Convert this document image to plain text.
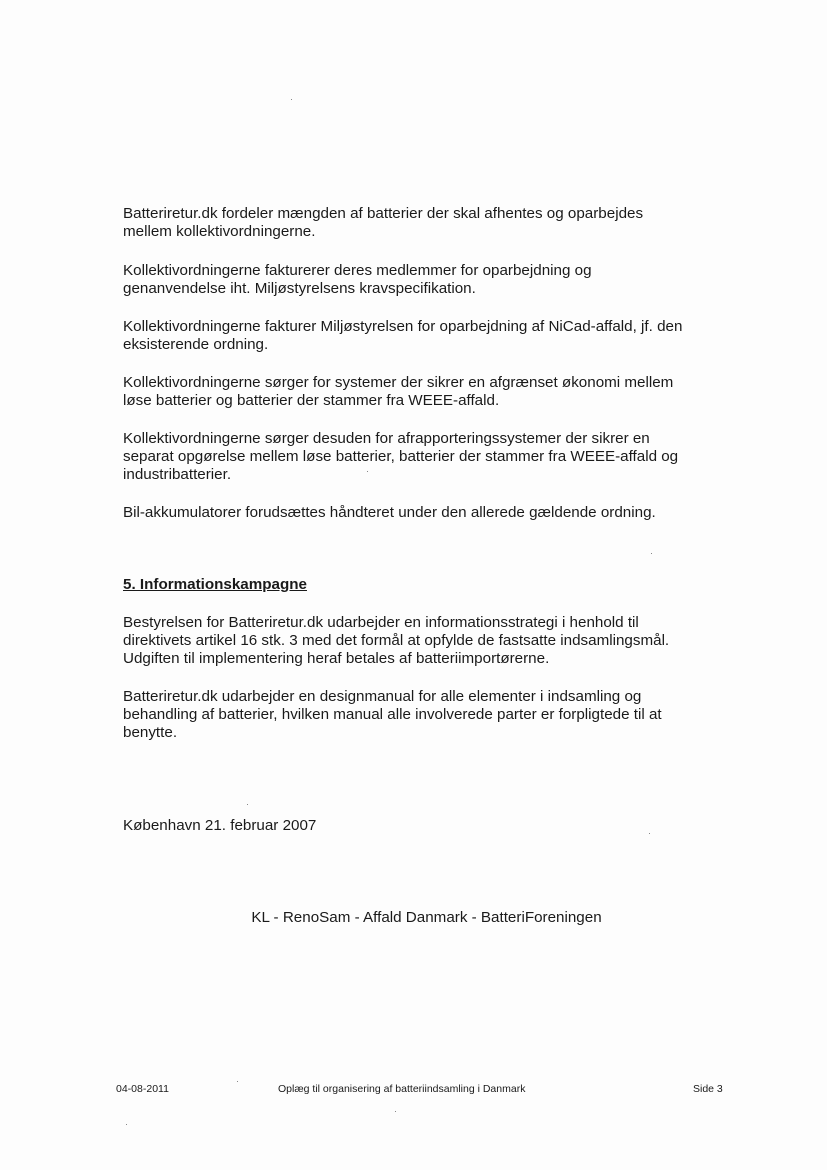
Batteriretur.dk fordeler mængden af batterier der skal afhentes og oparbejdes
mellem kollektivordningerne.

Kollektivordningerne fakturerer deres medlemmer for oparbejdning og
genanvendelse iht. Miljøstyrelsens kravspecifikation.

Kollektivordningerne fakturer Miljøstyrelsen for oparbejdning af NiCad-affald, jf. den
eksisterende ordning.

Kollektivordningerne sørger for systemer der sikrer en afgrænset økonomi mellem
løse batterier og batterier der stammer fra WEEE-affald.

Kollektivordningerne sørger desuden for afrapporteringssystemer der sikrer en
separat opgørelse mellem løse batterier, batterier der stammer fra WEEE-affald og
industribatterier.

Bil-akkumulatorer forudsættes håndteret under den allerede gældende ordning.

5. Informationskampagne

Bestyrelsen for Batteriretur.dk udarbejder en informationsstrategi i henhold til
direktivets artikel 16 stk. 3 med det formål at opfylde de fastsatte indsamlingsmål.
Udgiften til implementering heraf betales af batteriimportørerne.

Batteriretur.dk udarbejder en designmanual for alle elementer i indsamling og
behandling af batterier, hvilken manual alle involverede parter er forpligtede til at
benytte.

København 21. februar 2007

KL - RenoSam - Affald Danmark - BatteriForeningen

04-08-2011	Oplæg til organisering af batteriindsamling i Danmark	Side 3
